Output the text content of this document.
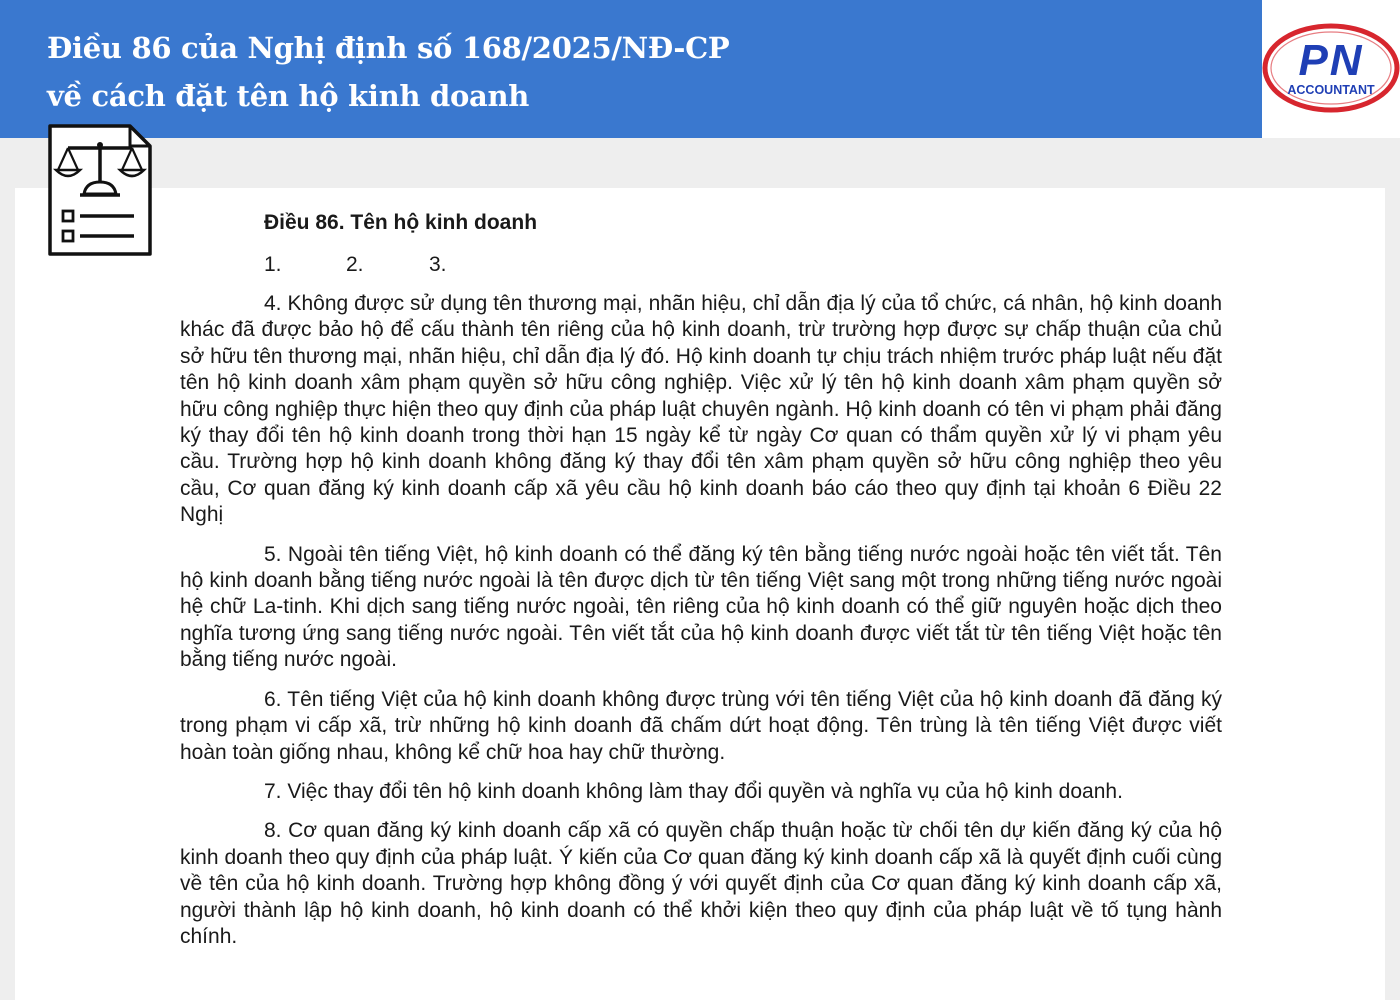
Điều 86 của Nghị định số 168/2025/NĐ-CP
về cách đặt tên hộ kinh doanh
PN
ACCOUNTANT
Điều 86. Tên hộ kinh doanh
1.	2.	3.

4. Không được sử dụng tên thương mại, nhãn hiệu, chỉ dẫn địa lý của tổ chức, cá nhân, hộ kinh doanh khác đã được bảo hộ để cấu thành tên riêng của hộ kinh doanh, trừ trường hợp được sự chấp thuận của chủ sở hữu tên thương mại, nhãn hiệu, chỉ dẫn địa lý đó. Hộ kinh doanh tự chịu trách nhiệm trước pháp luật nếu đặt tên hộ kinh doanh xâm phạm quyền sở hữu công nghiệp. Việc xử lý tên hộ kinh doanh xâm phạm quyền sở hữu công nghiệp thực hiện theo quy định của pháp luật chuyên ngành. Hộ kinh doanh có tên vi phạm phải đăng ký thay đổi tên hộ kinh doanh trong thời hạn 15 ngày kể từ ngày Cơ quan có thẩm quyền xử lý vi phạm yêu cầu. Trường hợp hộ kinh doanh không đăng ký thay đổi tên xâm phạm quyền sở hữu công nghiệp theo yêu cầu, Cơ quan đăng ký kinh doanh cấp xã yêu cầu hộ kinh doanh báo cáo theo quy định tại khoản 6 Điều 22 Nghị

5. Ngoài tên tiếng Việt, hộ kinh doanh có thể đăng ký tên bằng tiếng nước ngoài hoặc tên viết tắt. Tên hộ kinh doanh bằng tiếng nước ngoài là tên được dịch từ tên tiếng Việt sang một trong những tiếng nước ngoài hệ chữ La-tinh. Khi dịch sang tiếng nước ngoài, tên riêng của hộ kinh doanh có thể giữ nguyên hoặc dịch theo nghĩa tương ứng sang tiếng nước ngoài. Tên viết tắt của hộ kinh doanh được viết tắt từ tên tiếng Việt hoặc tên bằng tiếng nước ngoài.

6. Tên tiếng Việt của hộ kinh doanh không được trùng với tên tiếng Việt của hộ kinh doanh đã đăng ký trong phạm vi cấp xã, trừ những hộ kinh doanh đã chấm dứt hoạt động. Tên trùng là tên tiếng Việt được viết hoàn toàn giống nhau, không kể chữ hoa hay chữ thường.

7. Việc thay đổi tên hộ kinh doanh không làm thay đổi quyền và nghĩa vụ của hộ kinh doanh.

8. Cơ quan đăng ký kinh doanh cấp xã có quyền chấp thuận hoặc từ chối tên dự kiến đăng ký của hộ kinh doanh theo quy định của pháp luật. Ý kiến của Cơ quan đăng ký kinh doanh cấp xã là quyết định cuối cùng về tên của hộ kinh doanh. Trường hợp không đồng ý với quyết định của Cơ quan đăng ký kinh doanh cấp xã, người thành lập hộ kinh doanh, hộ kinh doanh có thể khởi kiện theo quy định của pháp luật về tố tụng hành chính.
